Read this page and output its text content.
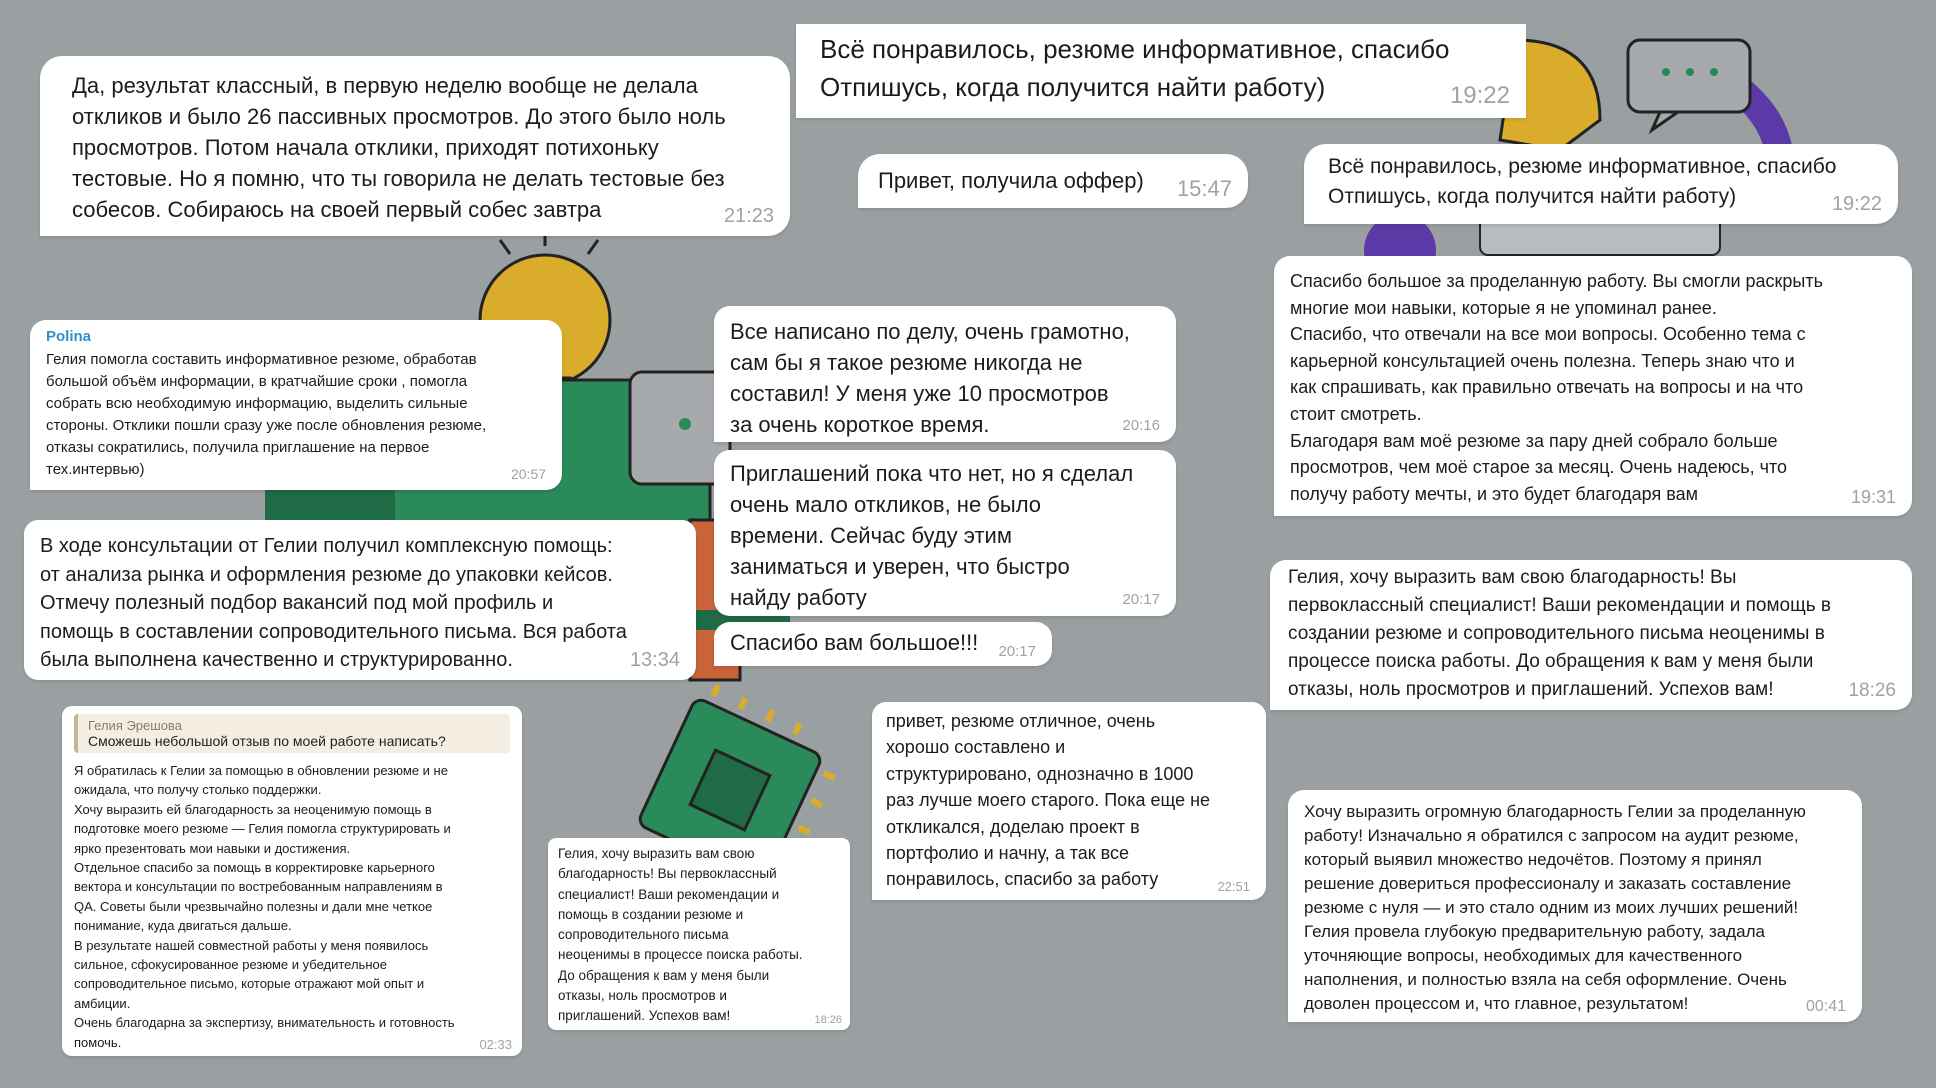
Да, результат классный, в первую неделю вообще не делала
откликов и было 26 пассивных просмотров. До этого было ноль
просмотров. Потом начала отклики, приходят потихоньку
тестовые. Но я помню, что ты говорила не делать тестовые без
собесов. Собираюсь на своей первый собес завтра	21:23

Всё понравилось, резюме информативное, спасибо
Отпишусь, когда получится найти работу)	19:22

Привет, получила оффер)	15:47

Всё понравилось, резюме информативное, спасибо
Отпишусь, когда получится найти работу)	19:22
Polina

Гелия помогла составить информативное резюме, обработав
большой объём информации, в кратчайшие сроки , помогла
собрать всю необходимую информацию, выделить сильные
стороны. Отклики пошли сразу уже после обновления резюме,
отказы сократились, получила приглашение на первое
тех.интервью)	20:57

Все написано по делу, очень грамотно,
сам бы я такое резюме никогда не
составил! У меня уже 10 просмотров
за очень короткое время.	20:16

Спасибо большое за проделанную работу. Вы смогли раскрыть
многие мои навыки, которые я не упоминал ранее.
Спасибо, что отвечали на все мои вопросы. Особенно тема с
карьерной консультацией очень полезна. Теперь знаю что и
как спрашивать, как правильно отвечать на вопросы и на что
стоит смотреть.
Благодаря вам моё резюме за пару дней собрало больше
просмотров, чем моё старое за месяц. Очень надеюсь, что
получу работу мечты, и это будет благодаря вам	19:31

Приглашений пока что нет, но я сделал
очень мало откликов, не было
времени. Сейчас буду этим
заниматься и уверен, что быстро
найду работу	20:17

В ходе консультации от Гелии получил комплексную помощь:
от анализа рынка и оформления резюме до упаковки кейсов.
Отмечу полезный подбор вакансий под мой профиль и
помощь в составлении сопроводительного письма. Вся работа
была выполнена качественно и структурированно.	13:34

Спасибо вам большое!!!	20:17

Гелия, хочу выразить вам свою благодарность! Вы
первоклассный специалист! Ваши рекомендации и помощь в
создании резюме и сопроводительного письма неоценимы в
процессе поиска работы. До обращения к вам у меня были
отказы, ноль просмотров и приглашений. Успехов вам!	18:26
Гелия Эрешова
Сможешь небольшой отзыв по моей работе написать?

Я обратилась к Гелии за помощью в обновлении резюме и не
ожидала, что получу столько поддержки.
Хочу выразить ей благодарность за неоценимую помощь в
подготовке моего резюме — Гелия помогла структурировать и
ярко презентовать мои навыки и достижения.
Отдельное спасибо за помощь в корректировке карьерного
вектора и консультации по востребованным направлениям в
QA. Советы были чрезвычайно полезны и дали мне четкое
понимание, куда двигаться дальше.
В результате нашей совместной работы у меня появилось
сильное, сфокусированное резюме и убедительное
сопроводительное письмо, которые отражают мой опыт и
амбиции.
Очень благодарна за экспертизу, внимательность и готовность
помочь.	02:33

привет, резюме отличное, очень
хорошо составлено и
структурировано, однозначно в 1000
раз лучше моего старого. Пока еще не
откликался, доделаю проект в
портфолио и начну, а так все
понравилось, спасибо за работу	22:51

Гелия, хочу выразить вам свою
благодарность! Вы первоклассный
специалист! Ваши рекомендации и
помощь в создании резюме и
сопроводительного письма
неоценимы в процессе поиска работы.
До обращения к вам у меня были
отказы, ноль просмотров и
приглашений. Успехов вам!	18:26

Хочу выразить огромную благодарность Гелии за проделанную
работу! Изначально я обратился с запросом на аудит резюме,
который выявил множество недочётов. Поэтому я принял
решение довериться профессионалу и заказать составление
резюме с нуля — и это стало одним из моих лучших решений!
Гелия провела глубокую предварительную работу, задала
уточняющие вопросы, необходимых для качественного
наполнения, и полностью взяла на себя оформление. Очень
доволен процессом и, что главное, результатом!	00:41
